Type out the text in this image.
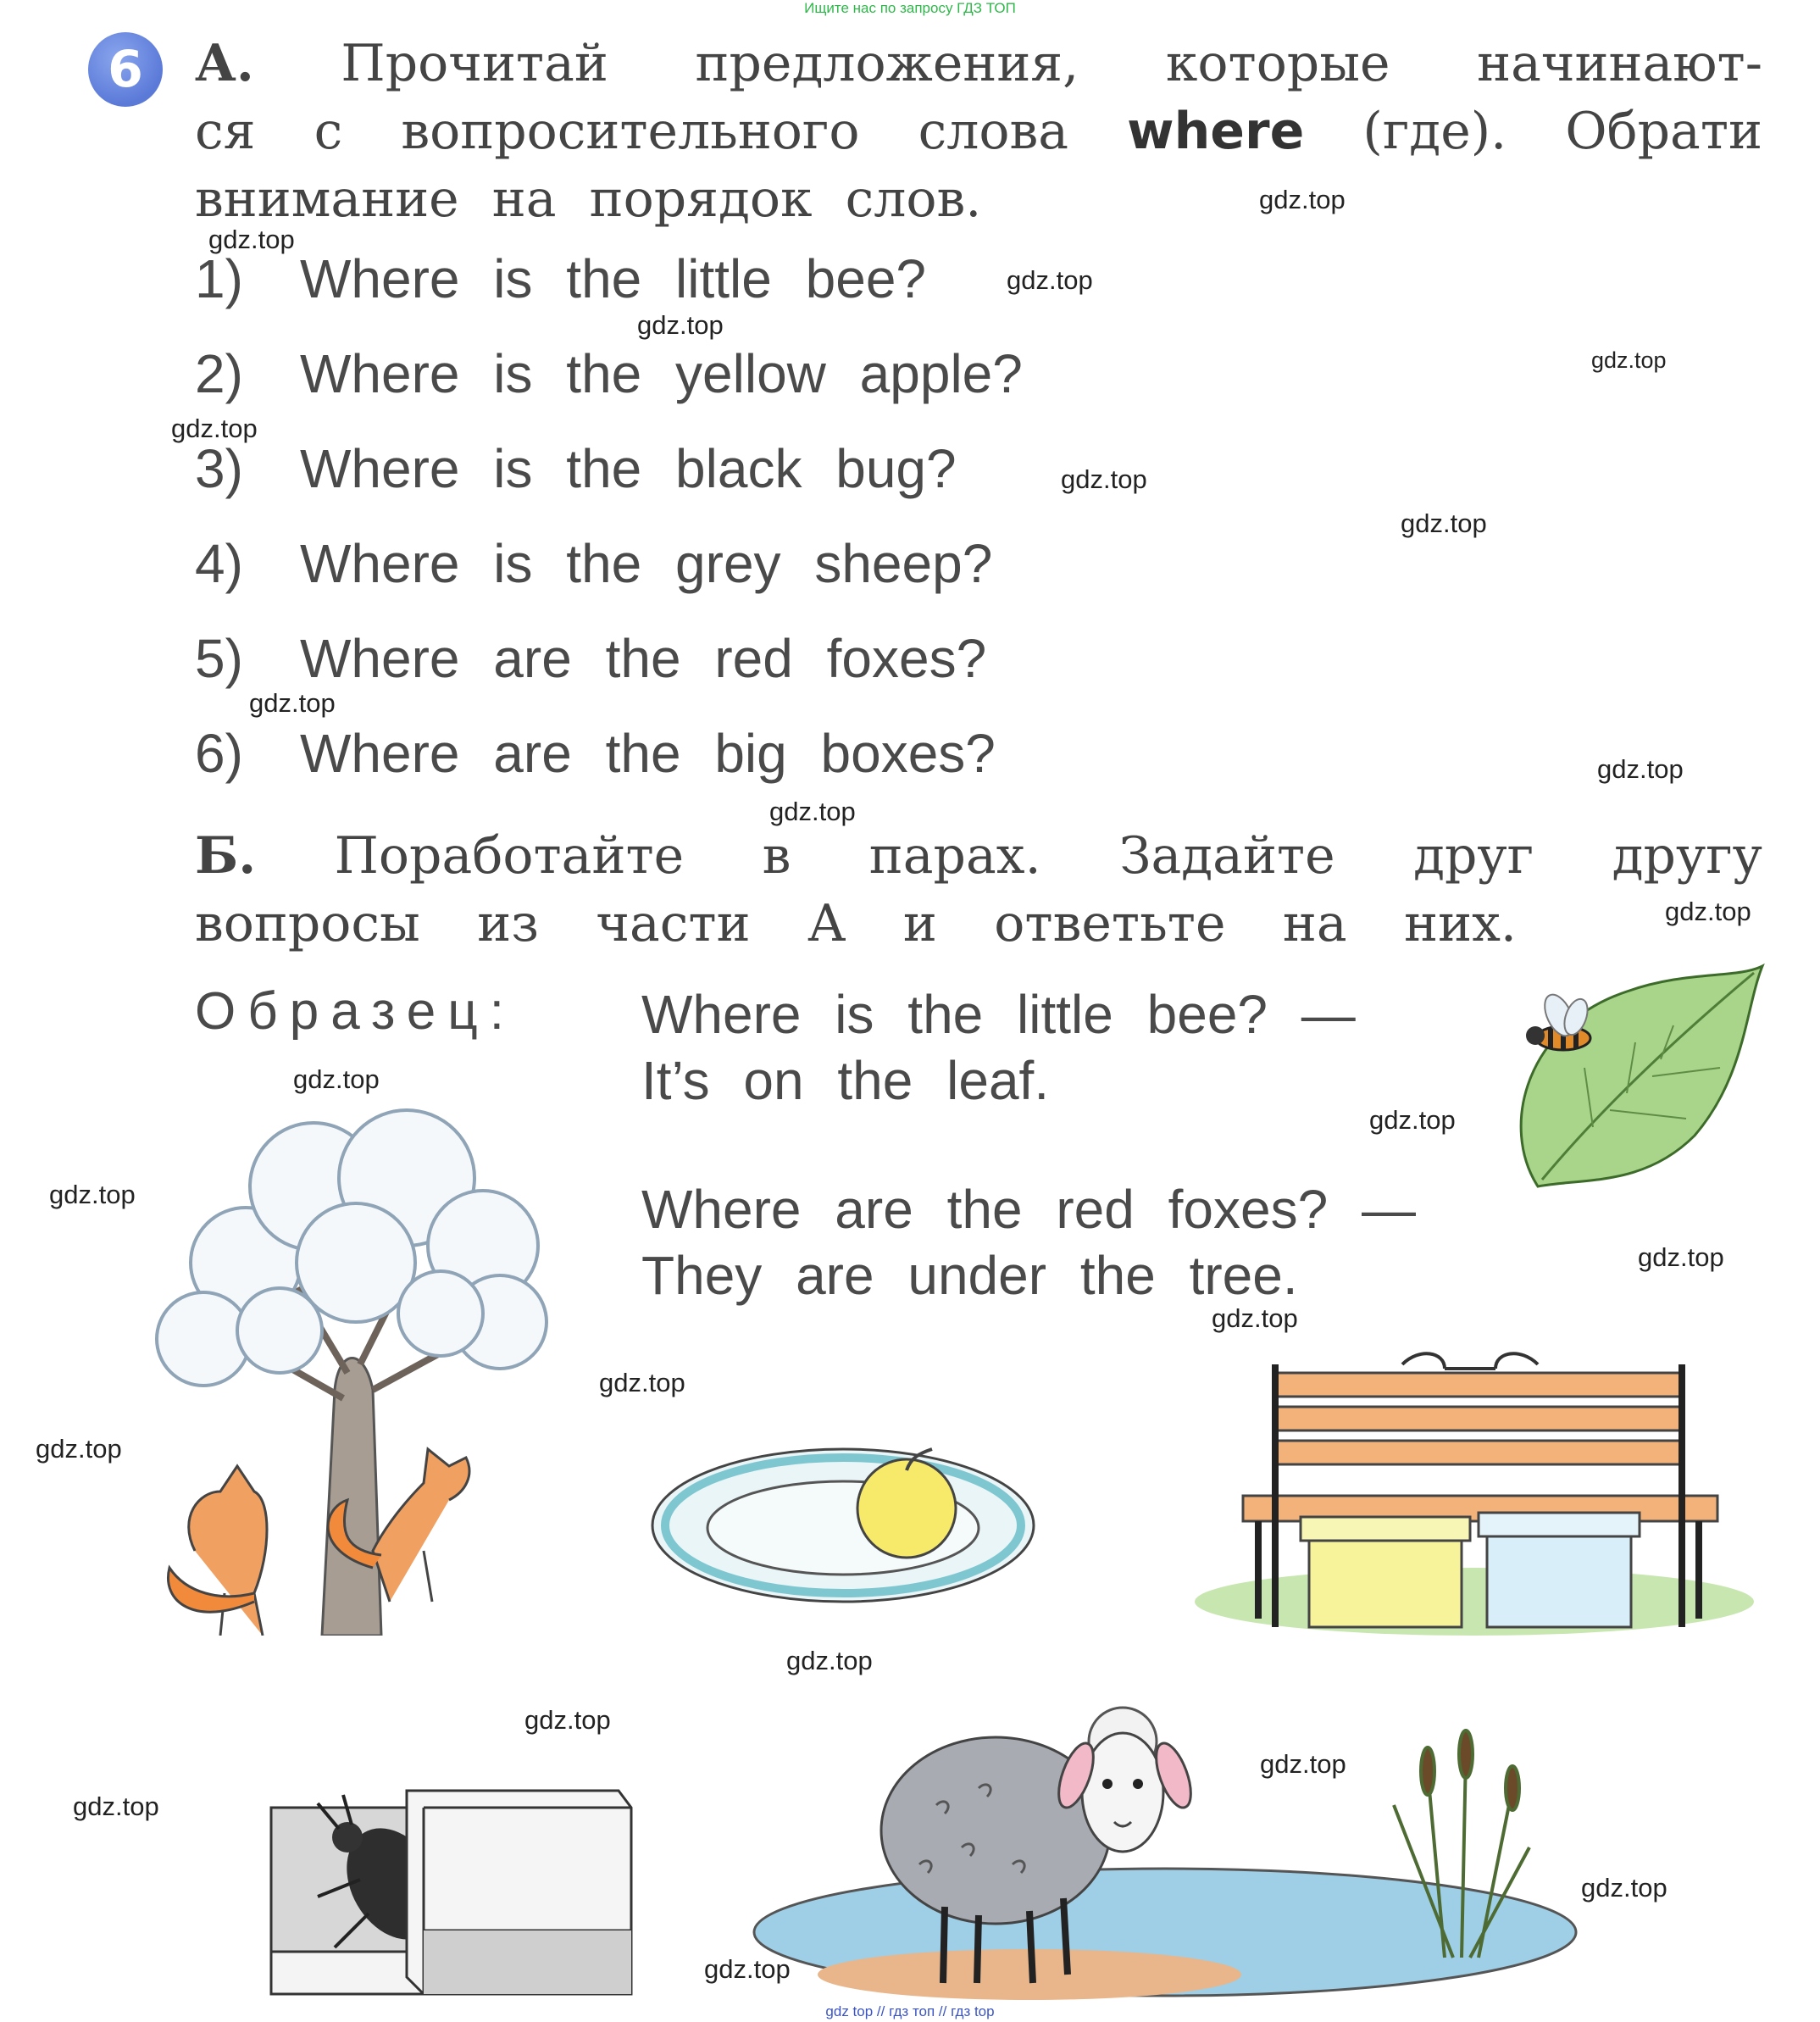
Ищите нас по запросу ГДЗ ТОП
gdz top // гдз топ // гдз top
6	А. Прочитай предложения, которые начинают-
ся с вопросительного слова where (где). Обрати
внимание на порядок слов.
1) Where is the little bee?
2) Where is the yellow apple?
3) Where is the black bug?
4) Where is the grey sheep?
5) Where are the red foxes?
6) Where are the big boxes?
Б. Поработайте в парах. Задайте друг другу
вопросы из части А и ответьте на них.
Образец: Where is the little bee? —
It’s on the leaf.
Where are the red foxes? —
They are under the tree.
gdz.top
gdz.top
gdz.top
gdz.top
gdz.top
gdz.top
gdz.top
gdz.top
gdz.top
gdz.top
gdz.top
gdz.top
gdz.top
gdz.top
gdz.top
gdz.top
gdz.top
gdz.top
gdz.top
gdz.top
gdz.top
gdz.top
gdz.top
gdz.top
gdz.top
